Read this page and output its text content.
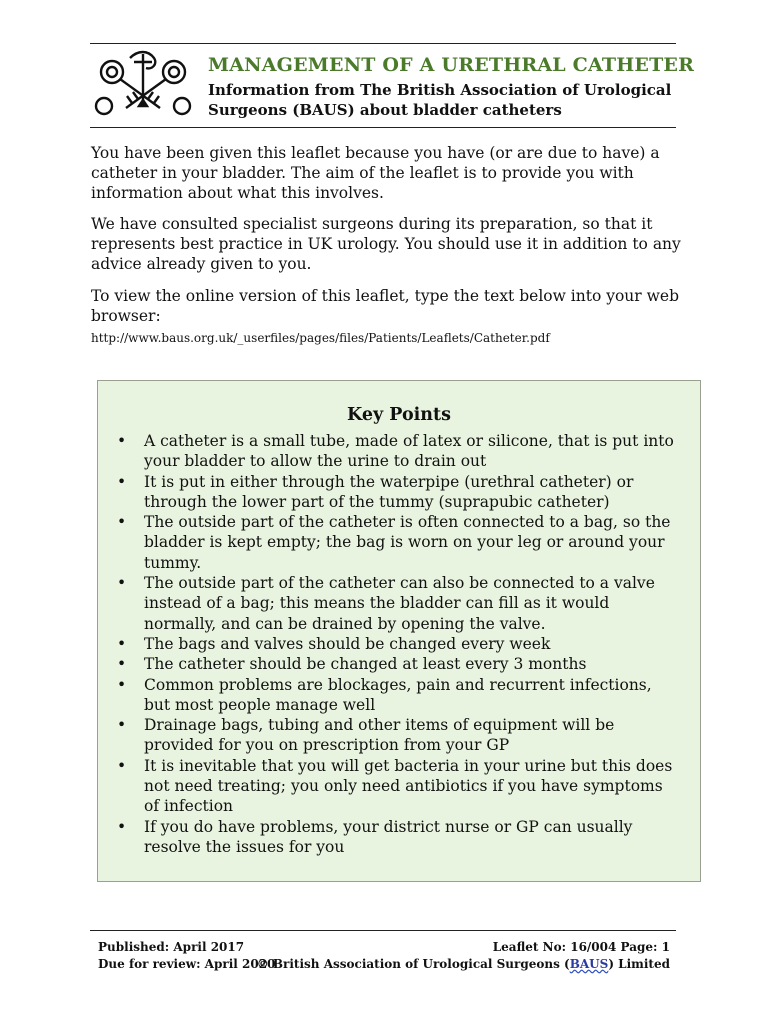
MANAGEMENT OF A URETHRAL CATHETER
Information from The British Association of Urological Surgeons (BAUS) about bladder catheters

You have been given this leaflet because you have (or are due to have) a catheter in your bladder. The aim of the leaflet is to provide you with information about what this involves.

We have consulted specialist surgeons during its preparation, so that it represents best practice in UK urology. You should use it in addition to any advice already given to you.

To view the online version of this leaflet, type the text below into your web browser:

http://www.baus.org.uk/_userfiles/pages/files/Patients/Leaflets/Catheter.pdf
Key Points
• A catheter is a small tube, made of latex or silicone, that is put into your bladder to allow the urine to drain out
• It is put in either through the waterpipe (urethral catheter) or through the lower part of the tummy (suprapubic catheter)
• The outside part of the catheter is often connected to a bag, so the bladder is kept empty; the bag is worn on your leg or around your tummy.
• The outside part of the catheter can also be connected to a valve instead of a bag; this means the bladder can fill as it would normally, and can be drained by opening the valve.
• The bags and valves should be changed every week
• The catheter should be changed at least every 3 months
• Common problems are blockages, pain and recurrent infections, but most people manage well
• Drainage bags, tubing and other items of equipment will be provided for you on prescription from your GP
• It is inevitable that you will get bacteria in your urine but this does not need treating; you only need antibiotics if you have symptoms of infection
• If you do have problems, your district nurse or GP can usually resolve the issues for you
Published: April 2017
Due for review: April 2020
Leaflet No: 16/004 Page: 1
© British Association of Urological Surgeons (BAUS) Limited
